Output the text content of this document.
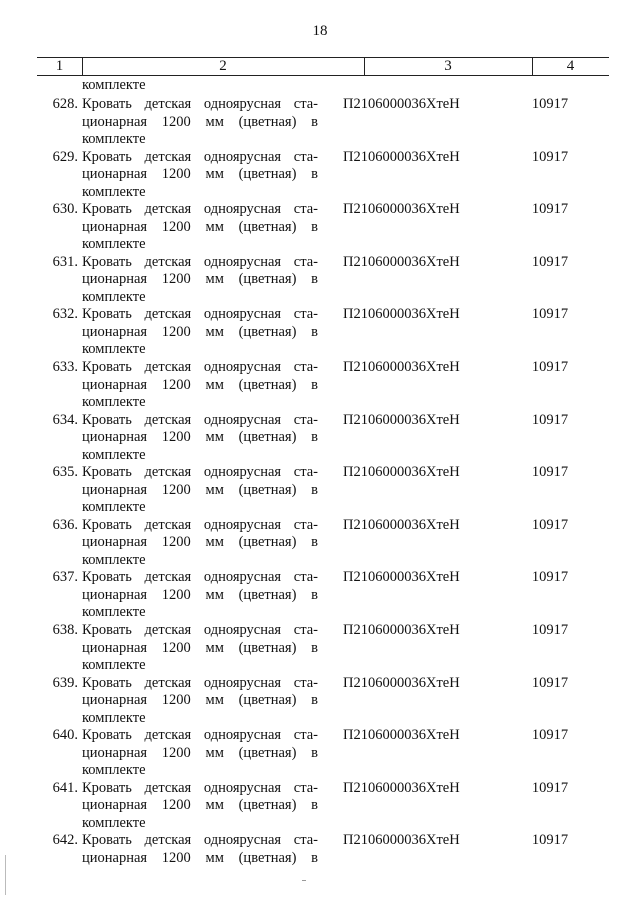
18
1	2	3	4
комплекте
628. Кровать детская одноярусная ста-
ционарная 1200 мм (цветная) в
комплекте
П2106000036ХтеН	10917
629. Кровать детская одноярусная ста-
ционарная 1200 мм (цветная) в
комплекте
П2106000036ХтеН	10917
630. Кровать детская одноярусная ста-
ционарная 1200 мм (цветная) в
комплекте
П2106000036ХтеН	10917
631. Кровать детская одноярусная ста-
ционарная 1200 мм (цветная) в
комплекте
П2106000036ХтеН	10917
632. Кровать детская одноярусная ста-
ционарная 1200 мм (цветная) в
комплекте
П2106000036ХтеН	10917
633. Кровать детская одноярусная ста-
ционарная 1200 мм (цветная) в
комплекте
П2106000036ХтеН	10917
634. Кровать детская одноярусная ста-
ционарная 1200 мм (цветная) в
комплекте
П2106000036ХтеН	10917
635. Кровать детская одноярусная ста-
ционарная 1200 мм (цветная) в
комплекте
П2106000036ХтеН	10917
636. Кровать детская одноярусная ста-
ционарная 1200 мм (цветная) в
комплекте
П2106000036ХтеН	10917
637. Кровать детская одноярусная ста-
ционарная 1200 мм (цветная) в
комплекте
П2106000036ХтеН	10917
638. Кровать детская одноярусная ста-
ционарная 1200 мм (цветная) в
комплекте
П2106000036ХтеН	10917
639. Кровать детская одноярусная ста-
ционарная 1200 мм (цветная) в
комплекте
П2106000036ХтеН	10917
640. Кровать детская одноярусная ста-
ционарная 1200 мм (цветная) в
комплекте
П2106000036ХтеН	10917
641. Кровать детская одноярусная ста-
ционарная 1200 мм (цветная) в
комплекте
П2106000036ХтеН	10917
642. Кровать детская одноярусная ста-
ционарная 1200 мм (цветная) в
П2106000036ХтеН	10917
